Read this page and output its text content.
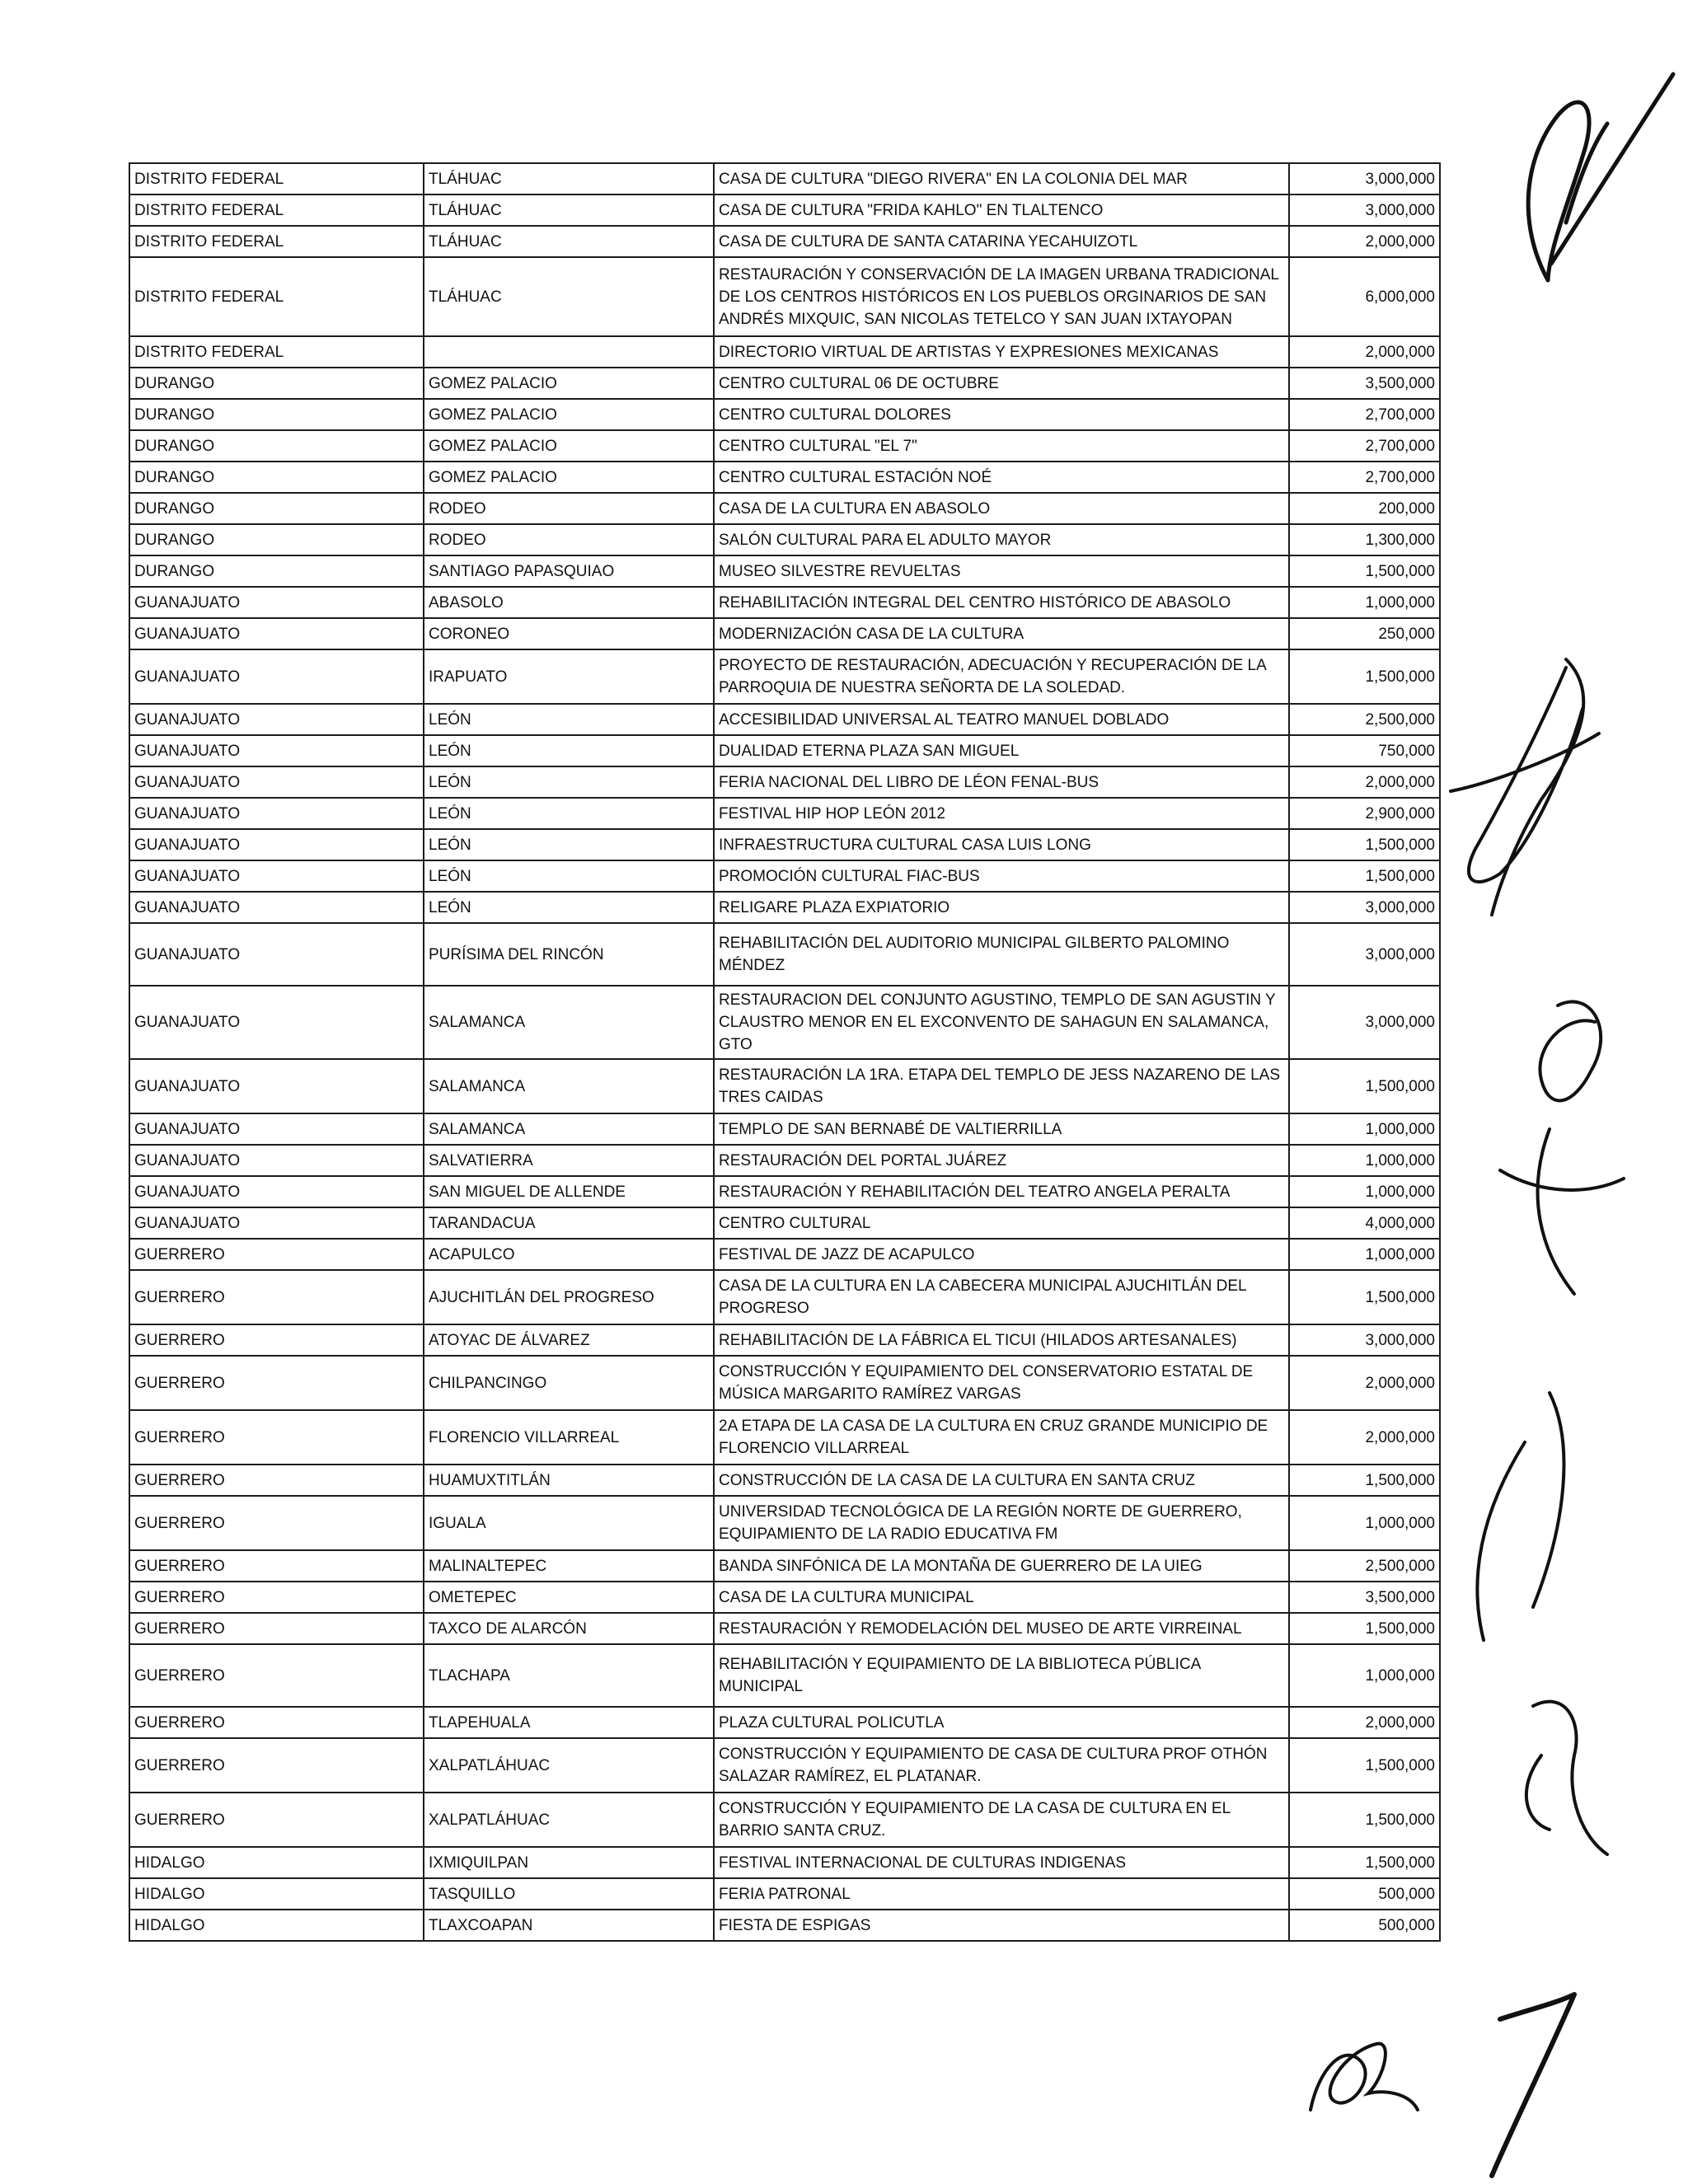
DISTRITO FEDERAL	TLÁHUAC	CASA DE CULTURA "DIEGO RIVERA" EN LA COLONIA DEL MAR	3,000,000
DISTRITO FEDERAL	TLÁHUAC	CASA DE CULTURA "FRIDA KAHLO" EN TLALTENCO	3,000,000
DISTRITO FEDERAL	TLÁHUAC	CASA DE CULTURA DE SANTA CATARINA YECAHUIZOTL	2,000,000
DISTRITO FEDERAL	TLÁHUAC	RESTAURACIÓN Y CONSERVACIÓN DE LA IMAGEN URBANA TRADICIONAL DE LOS CENTROS HISTÓRICOS EN LOS PUEBLOS ORGINARIOS DE SAN ANDRÉS MIXQUIC, SAN NICOLAS TETELCO Y SAN JUAN IXTAYOPAN	6,000,000
DISTRITO FEDERAL		DIRECTORIO VIRTUAL DE ARTISTAS Y EXPRESIONES MEXICANAS	2,000,000
DURANGO	GOMEZ PALACIO	CENTRO CULTURAL 06 DE OCTUBRE	3,500,000
DURANGO	GOMEZ PALACIO	CENTRO CULTURAL DOLORES	2,700,000
DURANGO	GOMEZ PALACIO	CENTRO CULTURAL "EL 7"	2,700,000
DURANGO	GOMEZ PALACIO	CENTRO CULTURAL ESTACIÓN NOÉ	2,700,000
DURANGO	RODEO	CASA DE LA CULTURA EN ABASOLO	200,000
DURANGO	RODEO	SALÓN CULTURAL PARA EL ADULTO MAYOR	1,300,000
DURANGO	SANTIAGO PAPASQUIAO	MUSEO SILVESTRE REVUELTAS	1,500,000
GUANAJUATO	ABASOLO	REHABILITACIÓN INTEGRAL DEL CENTRO HISTÓRICO DE ABASOLO	1,000,000
GUANAJUATO	CORONEO	MODERNIZACIÓN CASA DE LA CULTURA	250,000
GUANAJUATO	IRAPUATO	PROYECTO DE RESTAURACIÓN, ADECUACIÓN Y RECUPERACIÓN DE LA PARROQUIA DE NUESTRA SEÑORTA DE LA SOLEDAD.	1,500,000
GUANAJUATO	LEÓN	ACCESIBILIDAD UNIVERSAL AL TEATRO MANUEL DOBLADO	2,500,000
GUANAJUATO	LEÓN	DUALIDAD ETERNA PLAZA SAN MIGUEL	750,000
GUANAJUATO	LEÓN	FERIA NACIONAL DEL LIBRO DE LÉON FENAL-BUS	2,000,000
GUANAJUATO	LEÓN	FESTIVAL HIP HOP LEÓN 2012	2,900,000
GUANAJUATO	LEÓN	INFRAESTRUCTURA CULTURAL CASA LUIS LONG	1,500,000
GUANAJUATO	LEÓN	PROMOCIÓN CULTURAL FIAC-BUS	1,500,000
GUANAJUATO	LEÓN	RELIGARE PLAZA EXPIATORIO	3,000,000
GUANAJUATO	PURÍSIMA DEL RINCÓN	REHABILITACIÓN DEL AUDITORIO MUNICIPAL GILBERTO PALOMINO MÉNDEZ	3,000,000
GUANAJUATO	SALAMANCA	RESTAURACION DEL CONJUNTO AGUSTINO, TEMPLO DE SAN AGUSTIN Y CLAUSTRO MENOR EN EL EXCONVENTO DE SAHAGUN EN SALAMANCA, GTO	3,000,000
GUANAJUATO	SALAMANCA	RESTAURACIÓN LA 1RA. ETAPA DEL TEMPLO DE JESS NAZARENO DE LAS TRES CAIDAS	1,500,000
GUANAJUATO	SALAMANCA	TEMPLO DE SAN BERNABÉ DE VALTIERRILLA	1,000,000
GUANAJUATO	SALVATIERRA	RESTAURACIÓN DEL PORTAL JUÁREZ	1,000,000
GUANAJUATO	SAN MIGUEL DE ALLENDE	RESTAURACIÓN Y REHABILITACIÓN DEL TEATRO ANGELA PERALTA	1,000,000
GUANAJUATO	TARANDACUA	CENTRO CULTURAL	4,000,000
GUERRERO	ACAPULCO	FESTIVAL DE JAZZ DE ACAPULCO	1,000,000
GUERRERO	AJUCHITLÁN DEL PROGRESO	CASA DE LA CULTURA EN LA CABECERA MUNICIPAL AJUCHITLÁN DEL PROGRESO	1,500,000
GUERRERO	ATOYAC DE ÁLVAREZ	REHABILITACIÓN DE LA FÁBRICA EL TICUI (HILADOS ARTESANALES)	3,000,000
GUERRERO	CHILPANCINGO	CONSTRUCCIÓN Y EQUIPAMIENTO DEL CONSERVATORIO ESTATAL DE MÚSICA MARGARITO RAMÍREZ VARGAS	2,000,000
GUERRERO	FLORENCIO VILLARREAL	2A ETAPA DE LA CASA DE LA CULTURA EN CRUZ GRANDE MUNICIPIO DE FLORENCIO VILLARREAL	2,000,000
GUERRERO	HUAMUXTITLÁN	CONSTRUCCIÓN DE LA CASA DE LA CULTURA EN SANTA CRUZ	1,500,000
GUERRERO	IGUALA	UNIVERSIDAD TECNOLÓGICA DE LA REGIÓN NORTE DE GUERRERO, EQUIPAMIENTO DE LA RADIO EDUCATIVA FM	1,000,000
GUERRERO	MALINALTEPEC	BANDA SINFÓNICA DE LA MONTAÑA DE GUERRERO DE LA UIEG	2,500,000
GUERRERO	OMETEPEC	CASA DE LA CULTURA MUNICIPAL	3,500,000
GUERRERO	TAXCO DE ALARCÓN	RESTAURACIÓN Y REMODELACIÓN DEL MUSEO DE ARTE VIRREINAL	1,500,000
GUERRERO	TLACHAPA	REHABILITACIÓN Y EQUIPAMIENTO DE LA BIBLIOTECA PÚBLICA MUNICIPAL	1,000,000
GUERRERO	TLAPEHUALA	PLAZA CULTURAL POLICUTLA	2,000,000
GUERRERO	XALPATLÁHUAC	CONSTRUCCIÓN Y EQUIPAMIENTO DE CASA DE CULTURA PROF OTHÓN SALAZAR RAMÍREZ, EL PLATANAR.	1,500,000
GUERRERO	XALPATLÁHUAC	CONSTRUCCIÓN Y EQUIPAMIENTO DE LA CASA DE CULTURA EN EL BARRIO SANTA CRUZ.	1,500,000
HIDALGO	IXMIQUILPAN	FESTIVAL INTERNACIONAL DE CULTURAS INDIGENAS	1,500,000
HIDALGO	TASQUILLO	FERIA PATRONAL	500,000
HIDALGO	TLAXCOAPAN	FIESTA DE ESPIGAS	500,000
